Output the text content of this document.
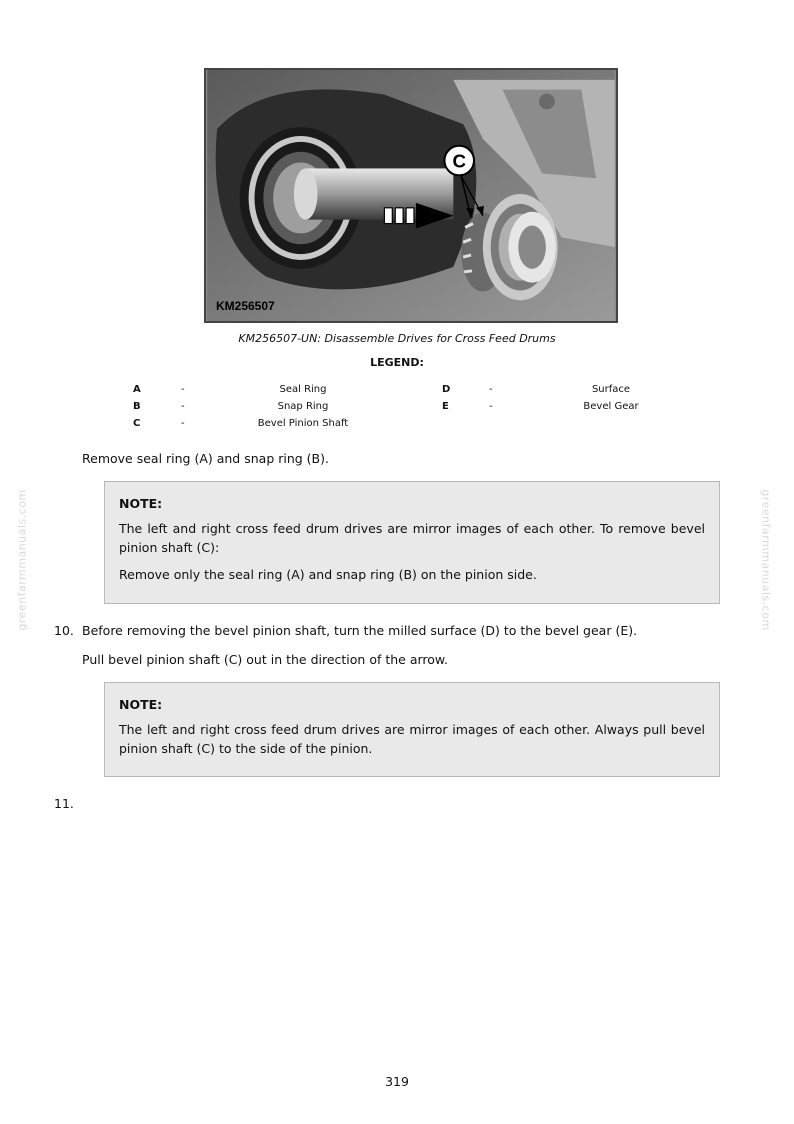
C
KM256507
KM256507-UN: Disassemble Drives for Cross Feed Drums
LEGEND:
A	-	Seal Ring
B	-	Snap Ring
C	-	Bevel Pinion Shaft
D	-	Surface
E	-	Bevel Gear
Remove seal ring (A) and snap ring (B).
NOTE:

The left and right cross feed drum drives are mirror images of each other. To remove bevel pinion shaft (C):

Remove only the seal ring (A) and snap ring (B) on the pinion side.

10. Before removing the bevel pinion shaft, turn the milled surface (D) to the bevel gear (E).
Pull bevel pinion shaft (C) out in the direction of the arrow.
NOTE:

The left and right cross feed drum drives are mirror images of each other. Always pull bevel pinion shaft (C) to the side of the pinion.

11.
greenfarmmanuals.com	greenfarmmanuals.com
319
